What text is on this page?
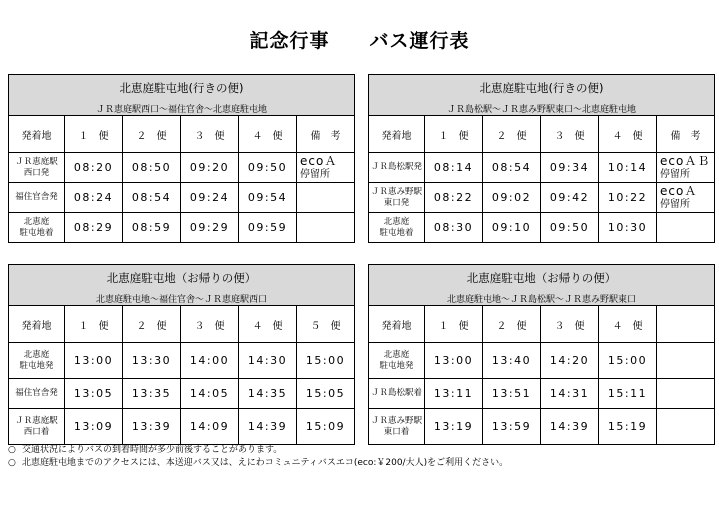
記念行事　　バス運行表
北恵庭駐屯地(行きの便)					
ＪＲ恵庭駅西口～福住官舎～北恵庭駐屯地					
発着地	１　便	２　便	３　便	４　便	備　考
ＪＲ恵庭駅
西口発	08:20	08:50	09:20	09:50	ecoＡ
停留所
福住官舎発	08:24	08:54	09:24	09:54	

北恵庭
駐屯地着	08:29	08:59	09:29	09:59	

北恵庭駐屯地(行きの便)					
ＪＲ島松駅～ＪＲ恵み野駅東口～北恵庭駐屯地					
発着地	１　便	２　便	３　便	４　便	備　考
ＪＲ島松駅発	08:14	08:54	09:34	10:14	ecoＡＢ
停留所
ＪＲ恵み野駅
東口発	08:22	09:02	09:42	10:22	ecoＡ
停留所
北恵庭
駐屯地着	08:30	09:10	09:50	10:30	

北恵庭駐屯地（お帰りの便）					
北恵庭駐屯地～福住官舎～ＪＲ恵庭駅西口					
発着地	１　便	２　便	３　便	４　便	５　便
北恵庭
駐屯地発	13:00	13:30	14:00	14:30	15:00
福住官舎発	13:05	13:35	14:05	14:35	15:05
ＪＲ恵庭駅
西口着	13:09	13:39	14:09	14:39	15:09
北恵庭駐屯地（お帰りの便）					
北恵庭駐屯地～ＪＲ島松駅～ＪＲ恵み野駅東口					
発着地	１　便	２　便	３　便	４　便	
北恵庭
駐屯地発	13:00	13:40	14:20	15:00	
ＪＲ島松駅着	13:11	13:51	14:31	15:11	
ＪＲ恵み野駅
東口着	13:19	13:59	14:39	15:19	
○ 交通状況によりバスの到着時間が多少前後することがあります。
○ 北恵庭駐屯地までのアクセスには、本送迎バス又は、えにわコミュニティバスエコ(eco:￥200/大人)をご利用ください。
